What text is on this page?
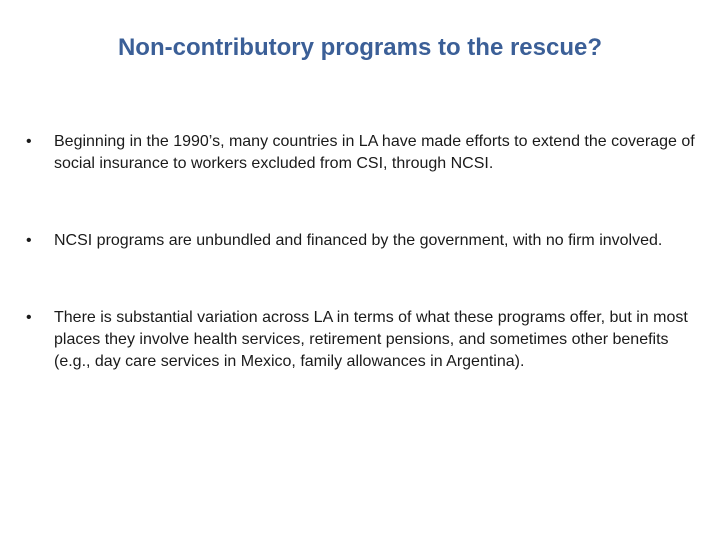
Non-contributory programs to the rescue?
•	Beginning in the 1990’s, many countries in LA have made efforts to extend the coverage of social insurance to workers excluded from CSI, through NCSI.
•	NCSI programs are unbundled and financed by the government, with no firm involved.
•	There is substantial variation across LA in terms of what these programs offer, but in most places they involve health services, retirement pensions, and sometimes other benefits (e.g., day care services in Mexico, family allowances in Argentina).
